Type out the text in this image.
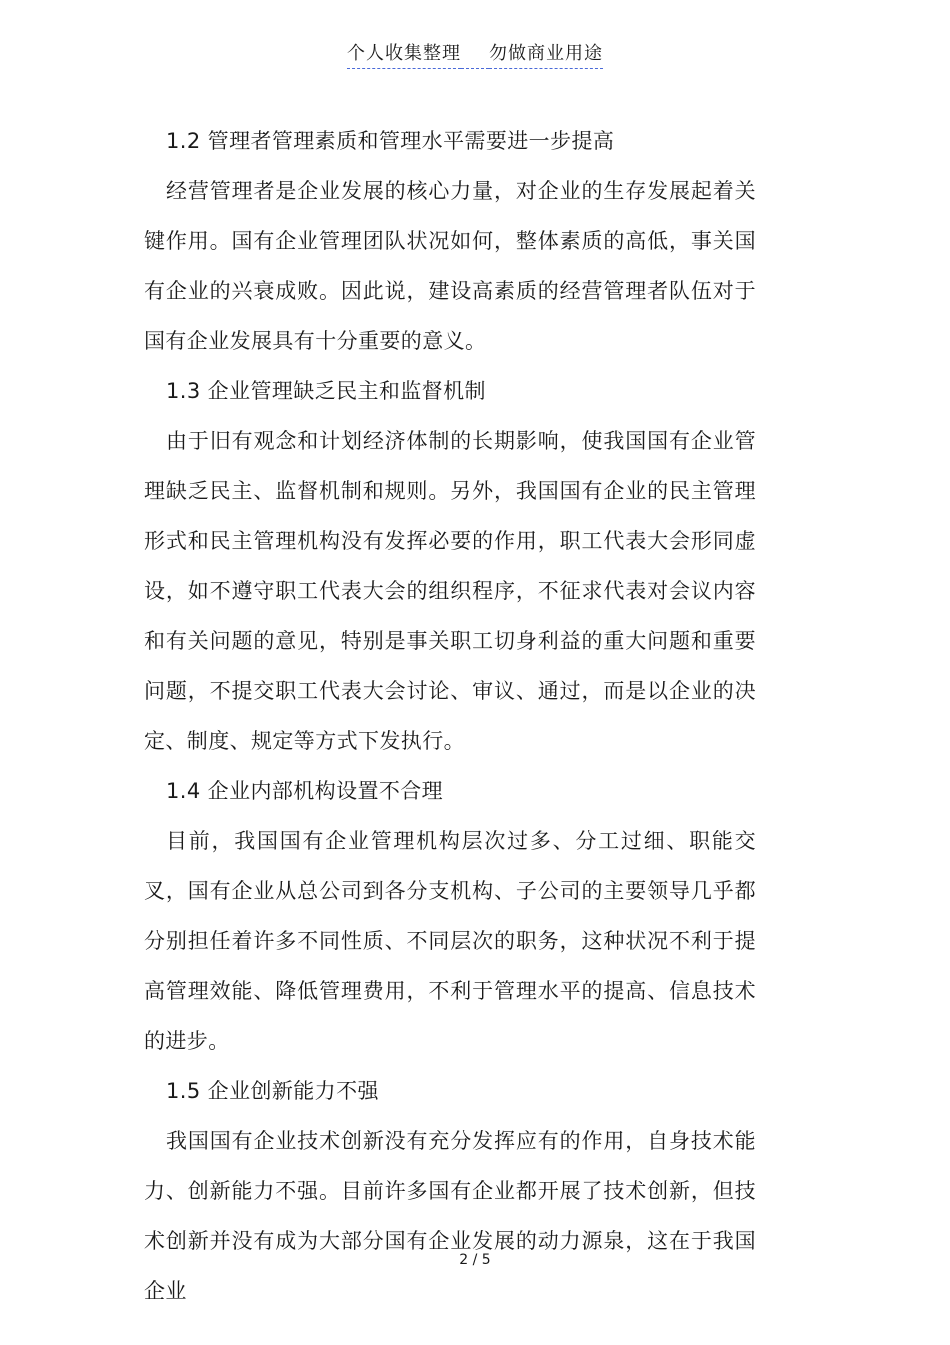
个人收集整理 勿做商业用途

1.2 管理者管理素质和管理水平需要进一步提高

经营管理者是企业发展的核心力量，对企业的生存发展起着关键作用。国有企业管理团队状况如何，整体素质的高低，事关国有企业的兴衰成败。因此说，建设高素质的经营管理者队伍对于国有企业发展具有十分重要的意义。

1.3 企业管理缺乏民主和监督机制

由于旧有观念和计划经济体制的长期影响，使我国国有企业管理缺乏民主、监督机制和规则。另外，我国国有企业的民主管理形式和民主管理机构没有发挥必要的作用，职工代表大会形同虚设，如不遵守职工代表大会的组织程序，不征求代表对会议内容和有关问题的意见，特别是事关职工切身利益的重大问题和重要问题，不提交职工代表大会讨论、审议、通过，而是以企业的决定、制度、规定等方式下发执行。

1.4 企业内部机构设置不合理

目前，我国国有企业管理机构层次过多、分工过细、职能交叉，国有企业从总公司到各分支机构、子公司的主要领导几乎都分别担任着许多不同性质、不同层次的职务，这种状况不利于提高管理效能、降低管理费用，不利于管理水平的提高、信息技术的进步。

1.5 企业创新能力不强

我国国有企业技术创新没有充分发挥应有的作用，自身技术能力、创新能力不强。目前许多国有企业都开展了技术创新，但技术创新并没有成为大部分国有企业发展的动力源泉，这在于我国企业

2 / 5
